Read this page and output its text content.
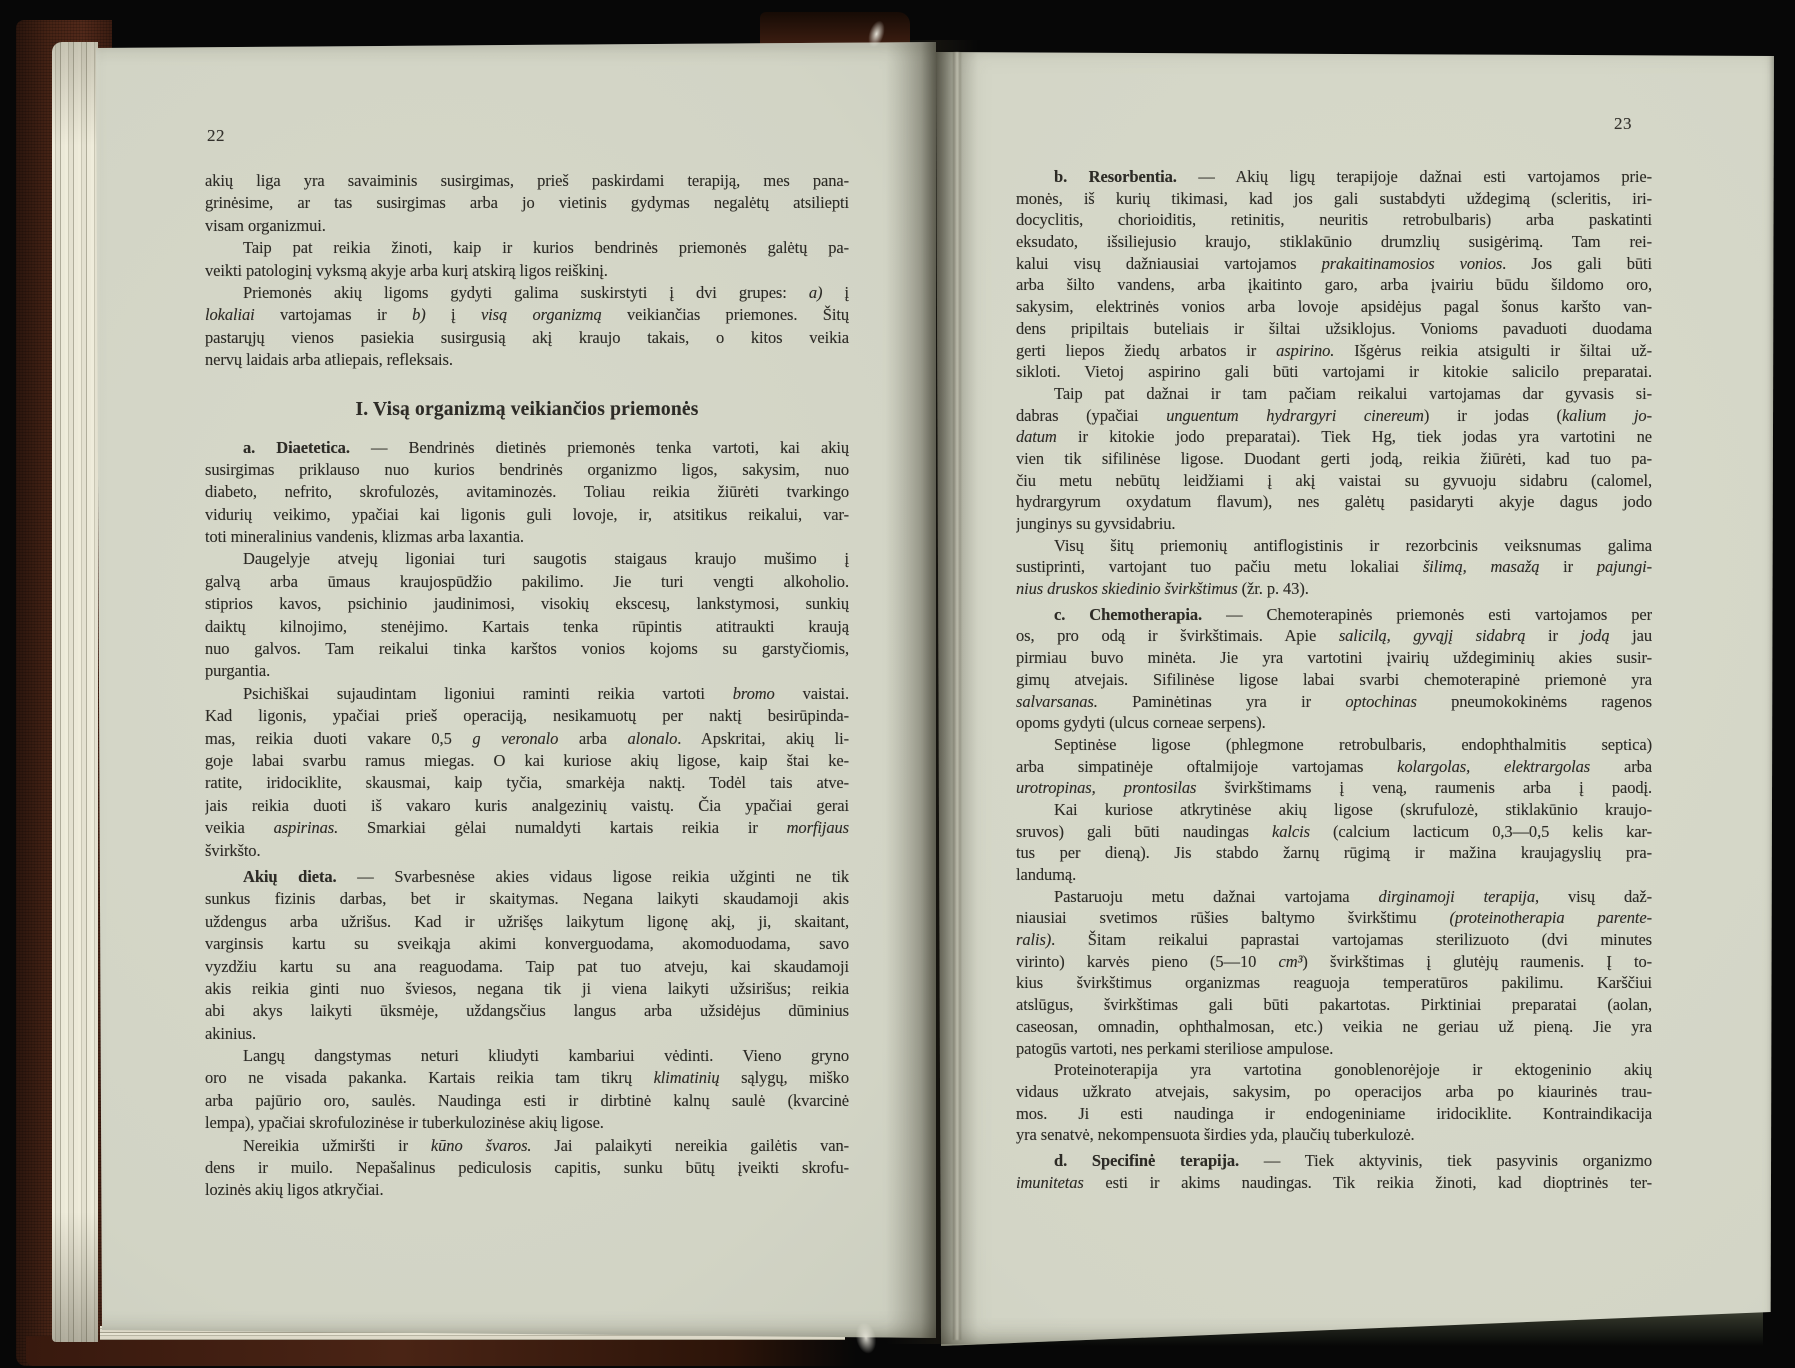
22
23
akių liga yra savaiminis susirgimas, prieš paskirdami terapiją, mes pana-
grinėsime, ar tas susirgimas arba jo vietinis gydymas negalėtų atsiliepti
visam organizmui.
Taip pat reikia žinoti, kaip ir kurios bendrinės priemonės galėtų pa-
veikti patologinį vyksmą akyje arba kurį atskirą ligos reiškinį.
Priemonės akių ligoms gydyti galima suskirstyti į dvi grupes: a) į
lokaliai vartojamas ir b) į visą organizmą veikiančias priemones. Šitų
pastarųjų vienos pasiekia susirgusią akį kraujo takais, o kitos veikia
nervų laidais arba atliepais, refleksais.
I. Visą organizmą veikiančios priemonės
a. Diaetetica. — Bendrinės dietinės priemonės tenka vartoti, kai akių
susirgimas priklauso nuo kurios bendrinės organizmo ligos, sakysim, nuo
diabeto, nefrito, skrofulozės, avitaminozės. Toliau reikia žiūrėti tvarkingo
vidurių veikimo, ypačiai kai ligonis guli lovoje, ir, atsitikus reikalui, var-
toti mineralinius vandenis, klizmas arba laxantia.
Daugelyje atvejų ligoniai turi saugotis staigaus kraujo mušimo į
galvą arba ūmaus kraujospūdžio pakilimo. Jie turi vengti alkoholio.
stiprios kavos, psichinio jaudinimosi, visokių ekscesų, lankstymosi, sunkių
daiktų kilnojimo, stenėjimo. Kartais tenka rūpintis atitraukti kraują
nuo galvos. Tam reikalui tinka karštos vonios kojoms su garstyčiomis,
purgantia.
Psichiškai sujaudintam ligoniui raminti reikia vartoti bromo vaistai.
Kad ligonis, ypačiai prieš operaciją, nesikamuotų per naktį besirūpinda-
mas, reikia duoti vakare 0,5 g veronalo arba alonalo. Apskritai, akių li-
goje labai svarbu ramus miegas. O kai kuriose akių ligose, kaip štai ke-
ratite, iridociklite, skausmai, kaip tyčia, smarkėja naktį. Todėl tais atve-
jais reikia duoti iš vakaro kuris analgezinių vaistų. Čia ypačiai gerai
veikia aspirinas. Smarkiai gėlai numaldyti kartais reikia ir morfijaus
švirkšto.
Akių dieta. — Svarbesnėse akies vidaus ligose reikia užginti ne tik
sunkus fizinis darbas, bet ir skaitymas. Negana laikyti skaudamoji akis
uždengus arba užrišus. Kad ir užrišęs laikytum ligonę akį, ji, skaitant,
varginsis kartu su sveikąja akimi konverguodama, akomoduodama, savo
vyzdžiu kartu su ana reaguodama. Taip pat tuo atveju, kai skaudamoji
akis reikia ginti nuo šviesos, negana tik ji viena laikyti užsirišus; reikia
abi akys laikyti ūksmėje, uždangsčius langus arba užsidėjus dūminius
akinius.
Langų dangstymas neturi kliudyti kambariui vėdinti. Vieno gryno
oro ne visada pakanka. Kartais reikia tam tikrų klimatinių sąlygų, miško
arba pajūrio oro, saulės. Naudinga esti ir dirbtinė kalnų saulė (kvarcinė
lempa), ypačiai skrofulozinėse ir tuberkulozinėse akių ligose.
Nereikia užmiršti ir kūno švaros. Jai palaikyti nereikia gailėtis van-
dens ir muilo. Nepašalinus pediculosis capitis, sunku būtų įveikti skrofu-
lozinės akių ligos atkryčiai.
b. Resorbentia. — Akių ligų terapijoje dažnai esti vartojamos prie-
monės, iš kurių tikimasi, kad jos gali sustabdyti uždegimą (scleritis, iri-
docyclitis, chorioiditis, retinitis, neuritis retrobulbaris) arba paskatinti
eksudato, išsiliejusio kraujo, stiklakūnio drumzlių susigėrimą. Tam rei-
kalui visų dažniausiai vartojamos prakaitinamosios vonios. Jos gali būti
arba šilto vandens, arba įkaitinto garo, arba įvairiu būdu šildomo oro,
sakysim, elektrinės vonios arba lovoje apsidėjus pagal šonus karšto van-
dens pripiltais buteliais ir šiltai užsiklojus. Vonioms pavaduoti duodama
gerti liepos žiedų arbatos ir aspirino. Išgėrus reikia atsigulti ir šiltai už-
sikloti. Vietoj aspirino gali būti vartojami ir kitokie salicilo preparatai.
Taip pat dažnai ir tam pačiam reikalui vartojamas dar gyvasis si-
dabras (ypačiai unguentum hydrargyri cinereum) ir jodas (kalium jo-
datum ir kitokie jodo preparatai). Tiek Hg, tiek jodas yra vartotini ne
vien tik sifilinėse ligose. Duodant gerti jodą, reikia žiūrėti, kad tuo pa-
čiu metu nebūtų leidžiami į akį vaistai su gyvuoju sidabru (calomel,
hydrargyrum oxydatum flavum), nes galėtų pasidaryti akyje dagus jodo
junginys su gyvsidabriu.
Visų šitų priemonių antiflogistinis ir rezorbcinis veiksnumas galima
sustiprinti, vartojant tuo pačiu metu lokaliai šilimą, masažą ir pajungi-
nius druskos skiedinio švirkštimus (žr. p. 43).
c. Chemotherapia. — Chemoterapinės priemonės esti vartojamos per
os, pro odą ir švirkštimais. Apie salicilą, gyvąjį sidabrą ir jodą jau
pirmiau buvo minėta. Jie yra vartotini įvairių uždegiminių akies susir-
gimų atvejais. Sifilinėse ligose labai svarbi chemoterapinė priemonė yra
salvarsanas. Paminėtinas yra ir optochinas pneumokokinėms ragenos
opoms gydyti (ulcus corneae serpens).
Septinėse ligose (phlegmone retrobulbaris, endophthalmitis septica)
arba simpatinėje oftalmijoje vartojamas kolargolas, elektrargolas arba
urotropinas, prontosilas švirkštimams į veną, raumenis arba į paodį.
Kai kuriose atkrytinėse akių ligose (skrufulozė, stiklakūnio kraujo-
sruvos) gali būti naudingas kalcis (calcium lacticum 0,3—0,5 kelis kar-
tus per dieną). Jis stabdo žarnų rūgimą ir mažina kraujagyslių pra-
landumą.
Pastaruoju metu dažnai vartojama dirginamoji terapija, visų daž-
niausiai svetimos rūšies baltymo švirkštimu (proteinotherapia parente-
ralis). Šitam reikalui paprastai vartojamas sterilizuoto (dvi minutes
virinto) karvės pieno (5—10 cm³) švirkštimas į glutėjų raumenis. Į to-
kius švirkštimus organizmas reaguoja temperatūros pakilimu. Karščiui
atslūgus, švirkštimas gali būti pakartotas. Pirktiniai preparatai (aolan,
caseosan, omnadin, ophthalmosan, etc.) veikia ne geriau už pieną. Jie yra
patogūs vartoti, nes perkami steriliose ampulose.
Proteinoterapija yra vartotina gonoblenorėjoje ir ektogeninio akių
vidaus užkrato atvejais, sakysim, po operacijos arba po kiaurinės trau-
mos. Ji esti naudinga ir endogeniniame iridociklite. Kontraindikacija
yra senatvė, nekompensuota širdies yda, plaučių tuberkulozė.
d. Specifinė terapija. — Tiek aktyvinis, tiek pasyvinis organizmo
imunitetas esti ir akims naudingas. Tik reikia žinoti, kad dioptrinės ter-
